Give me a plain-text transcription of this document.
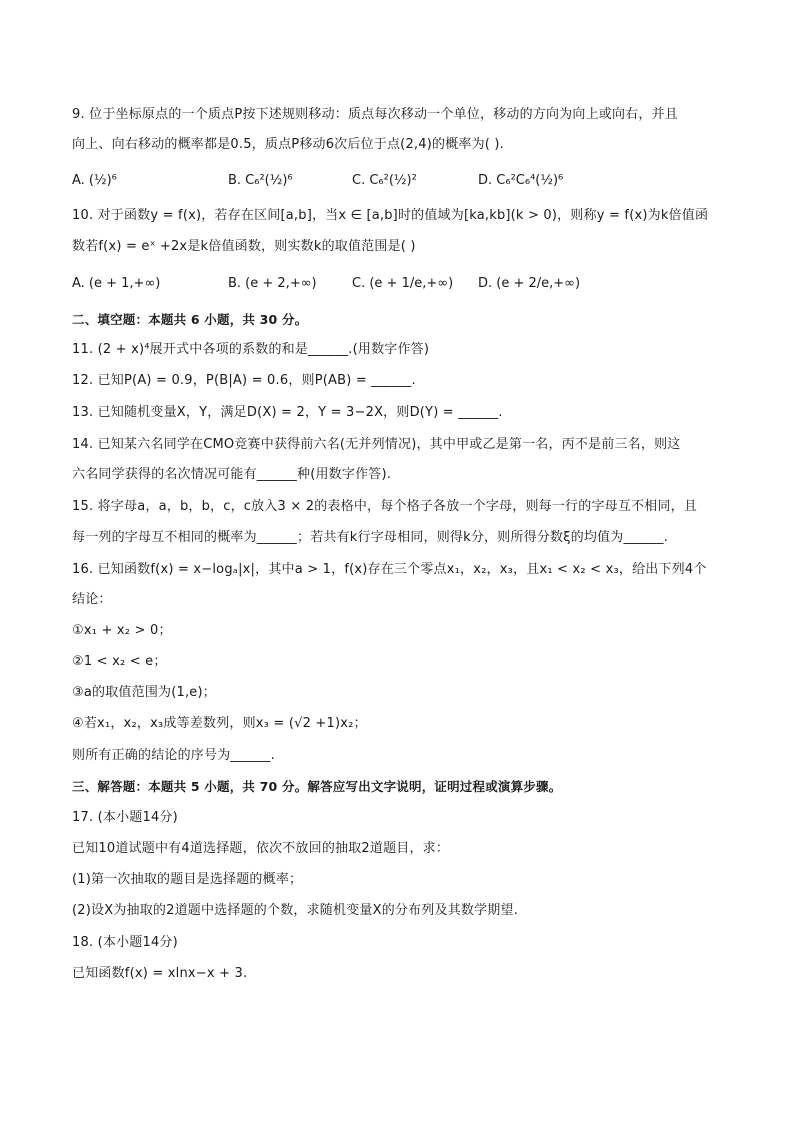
9. 位于坐标原点的一个质点P按下述规则移动：质点每次移动一个单位，移动的方向为向上或向右，并且
向上、向右移动的概率都是0.5，质点P移动6次后位于点(2,4)的概率为( ).
A. (½)⁶	B. C₆²(½)⁶	C. C₆²(½)²	D. C₆²C₆⁴(½)⁶
10. 对于函数y = f(x)，若存在区间[a,b]，当x ∈ [a,b]时的值域为[ka,kb](k > 0)，则称y = f(x)为k倍值函
数若f(x) = eˣ +2x是k倍值函数，则实数k的取值范围是( )
A. (e + 1,+∞)	B. (e + 2,+∞)	C. (e + 1/e,+∞) D. (e + 2/e,+∞)
二、填空题：本题共 6 小题，共 30 分。
11. (2 + x)⁴展开式中各项的系数的和是______.(用数字作答)
12. 已知P(A) = 0.9，P(B|A) = 0.6，则P(AB) = ______.
13. 已知随机变量X，Y，满足D(X) = 2，Y = 3−2X，则D(Y) = ______.
14. 已知某六名同学在CMO竞赛中获得前六名(无并列情况)，其中甲或乙是第一名，丙不是前三名，则这
六名同学获得的名次情况可能有______种(用数字作答).
15. 将字母a，a，b，b，c，c放入3 × 2的表格中，每个格子各放一个字母，则每一行的字母互不相同，且
每一列的字母互不相同的概率为______；若共有k行字母相同，则得k分，则所得分数ξ的均值为______.
16. 已知函数f(x) = x−logₐ|x|，其中a > 1，f(x)存在三个零点x₁，x₂，x₃，且x₁ < x₂ < x₃，给出下列4个
结论：
①x₁ + x₂ > 0；
②1 < x₂ < e；
③a的取值范围为(1,e)；
④若x₁，x₂，x₃成等差数列，则x₃ = (√2 +1)x₂；
则所有正确的结论的序号为______.
三、解答题：本题共 5 小题，共 70 分。解答应写出文字说明，证明过程或演算步骤。
17. (本小题14分)
已知10道试题中有4道选择题，依次不放回的抽取2道题目，求：
(1)第一次抽取的题目是选择题的概率；
(2)设X为抽取的2道题中选择题的个数，求随机变量X的分布列及其数学期望.
18. (本小题14分)
已知函数f(x) = xlnx−x + 3.
